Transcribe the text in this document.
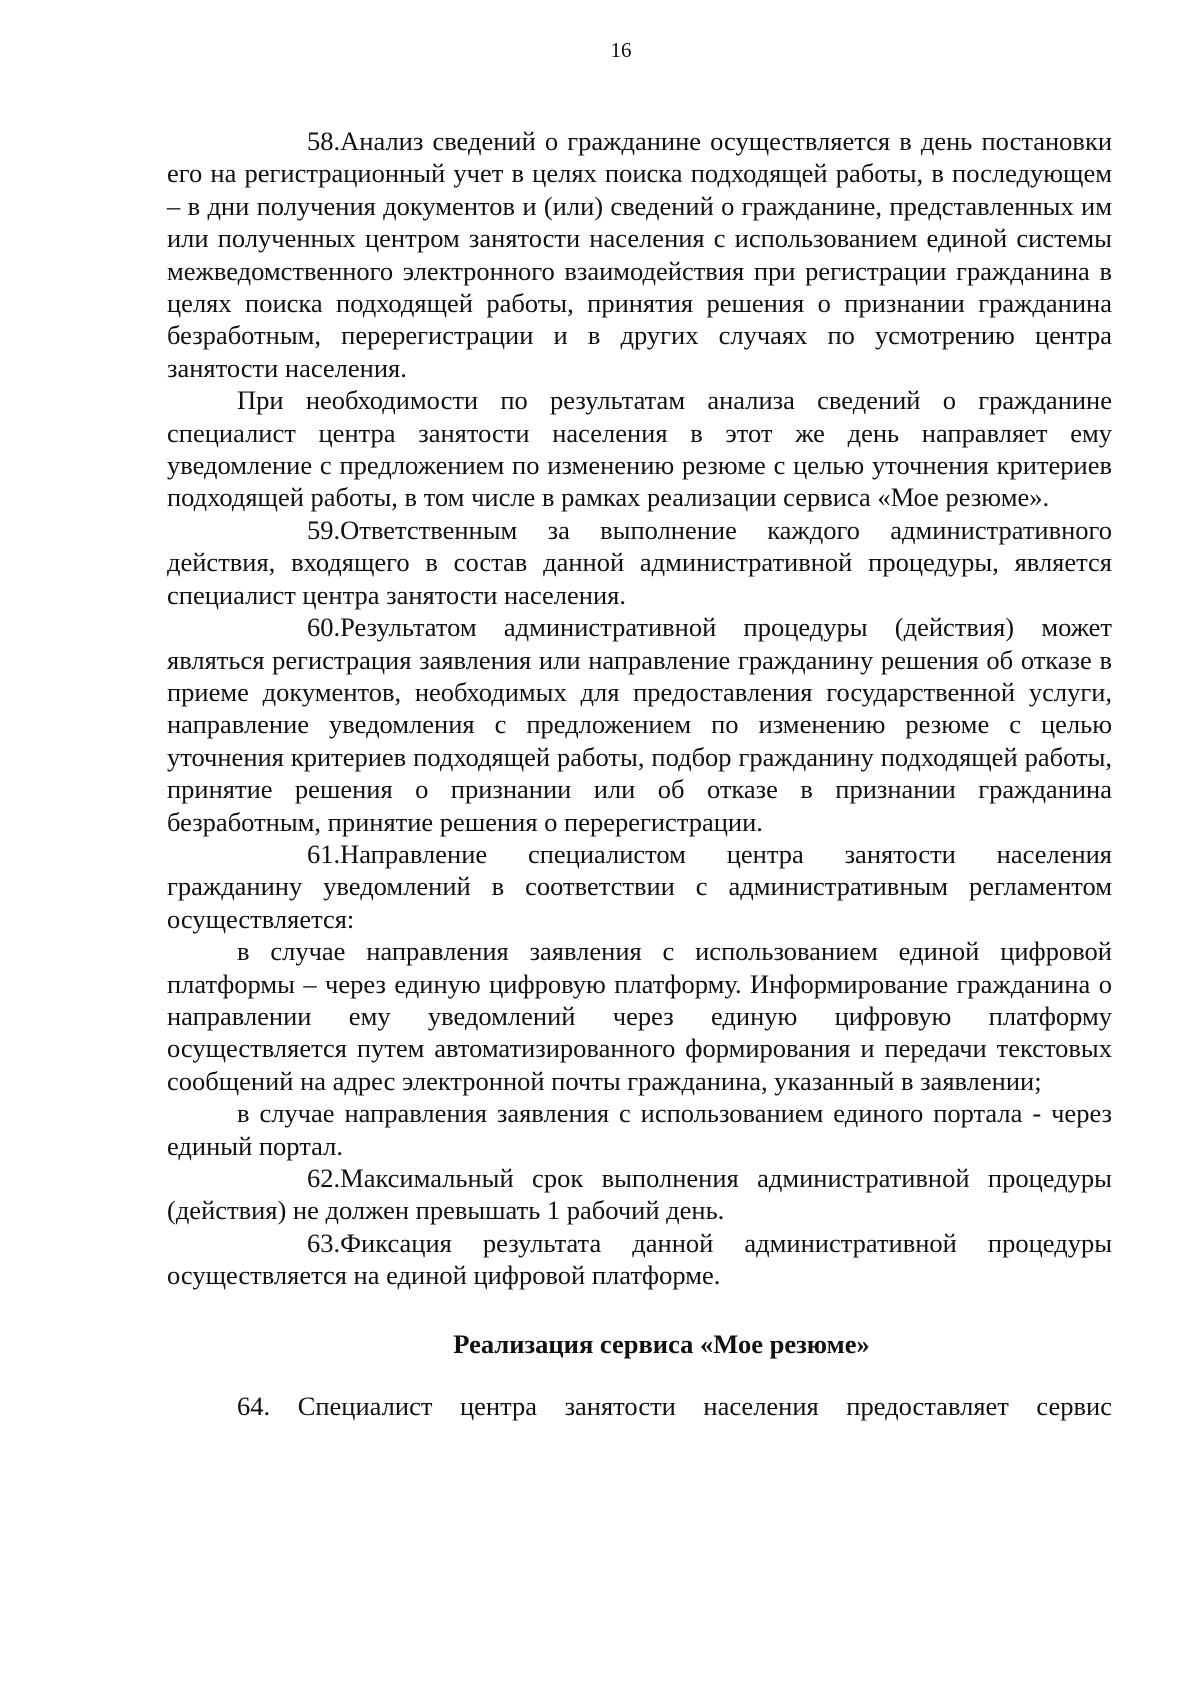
16

58.Анализ сведений о гражданине осуществляется в день постановки его на регистрационный учет в целях поиска подходящей работы, в последующем – в дни получения документов и (или) сведений о гражданине, представленных им или полученных центром занятости населения с использованием единой системы межведомственного электронного взаимодействия при регистрации гражданина в целях поиска подходящей работы, принятия решения о признании гражданина безработным, перерегистрации и в других случаях по усмотрению центра занятости населения.

При необходимости по результатам анализа сведений о гражданине специалист центра занятости населения в этот же день направляет ему уведомление с предложением по изменению резюме с целью уточнения критериев подходящей работы, в том числе в рамках реализации сервиса «Мое резюме».

59.Ответственным за выполнение каждого административного действия, входящего в состав данной административной процедуры, является специалист центра занятости населения.

60.Результатом административной процедуры (действия) может являться регистрация заявления или направление гражданину решения об отказе в приеме документов, необходимых для предоставления государственной услуги, направление уведомления с предложением по изменению резюме с целью уточнения критериев подходящей работы, подбор гражданину подходящей работы, принятие решения о признании или об отказе в признании гражданина безработным, принятие решения о перерегистрации.

61.Направление специалистом центра занятости населения гражданину уведомлений в соответствии с административным регламентом осуществляется:

в случае направления заявления с использованием единой цифровой платформы – через единую цифровую платформу. Информирование гражданина о направлении ему уведомлений через единую цифровую платформу осуществляется путем автоматизированного формирования и передачи текстовых сообщений на адрес электронной почты гражданина, указанный в заявлении;

в случае направления заявления с использованием единого портала - через единый портал.

62.Максимальный срок выполнения административной процедуры (действия) не должен превышать 1 рабочий день.

63.Фиксация результата данной административной процедуры осуществляется на единой цифровой платформе.

Реализация сервиса «Мое резюме»

64. Специалист центра занятости населения предоставляет сервис
